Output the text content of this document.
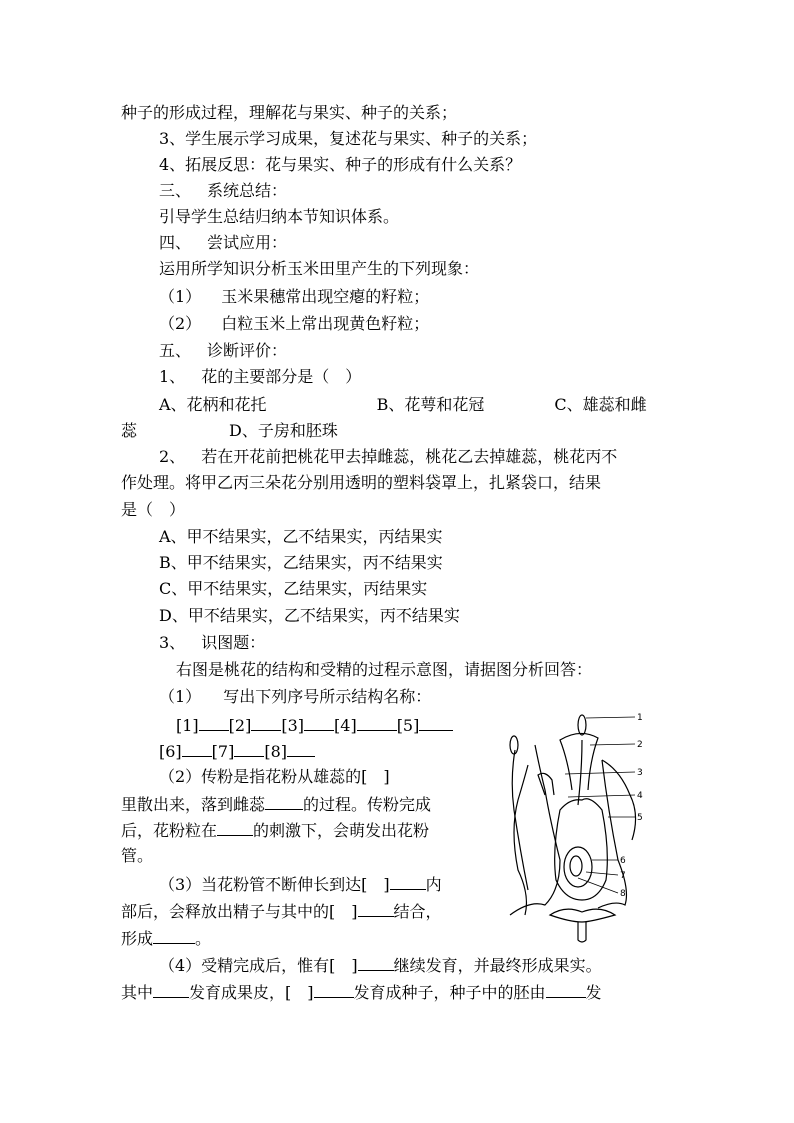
种子的形成过程，理解花与果实、种子的关系；
3、学生展示学习成果，复述花与果实、种子的关系；
4、拓展反思：花与果实、种子的形成有什么关系？
三、 系统总结：
引导学生总结归纳本节知识体系。
四、 尝试应用：
运用所学知识分析玉米田里产生的下列现象：
（1） 玉米果穗常出现空瘪的籽粒；
（2） 白粒玉米上常出现黄色籽粒；
五、 诊断评价：
1、 花的主要部分是（　）
A、花柄和花托	B、花萼和花冠	C、雄蕊和雌
蕊	D、子房和胚珠
2、 若在开花前把桃花甲去掉雌蕊，桃花乙去掉雄蕊，桃花丙不
作处理。将甲乙丙三朵花分别用透明的塑料袋罩上，扎紧袋口，结果
是（　）
A、甲不结果实，乙不结果实，丙结果实
B、甲不结果实，乙结果实，丙不结果实
C、甲不结果实，乙结果实，丙结果实
D、甲不结果实，乙不结果实，丙不结果实
3、 识图题：
右图是桃花的结构和受精的过程示意图，请据图分析回答：
（1） 写出下列序号所示结构名称：
[1] [2] [3] [4]	[5]
[6] [7] [8]
（2）传粉是指花粉从雄蕊的[　]
里散出来，落到雌蕊 的过程。传粉完成
后，花粉粒在 的刺激下，会萌发出花粉
管。
（3）当花粉管不断伸长到达[　] 内
部后，会释放出精子与其中的[　] 结合，
形成	。
（4）受精完成后，惟有[　] 继续发育，并最终形成果实。
其中 发育成果皮，[　]	发育成种子，种子中的胚由	发
1
2
3
4
5
6
7
8
